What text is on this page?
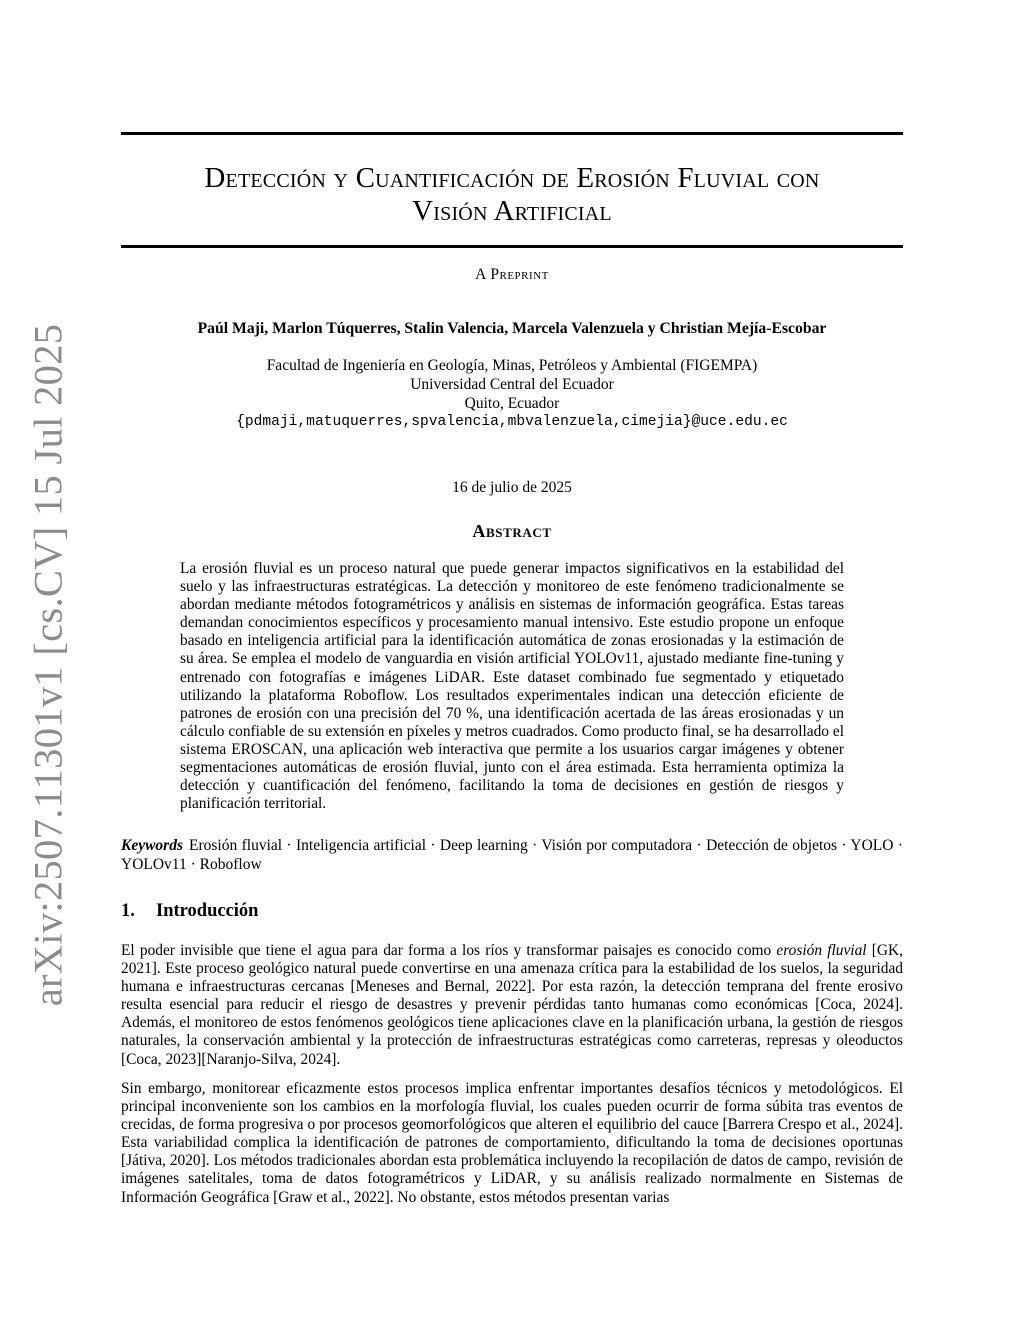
arXiv:2507.11301v1 [cs.CV] 15 Jul 2025
Detección y Cuantificación de Erosión Fluvial con
Visión Artificial
A Preprint
Paúl Maji, Marlon Túquerres, Stalin Valencia, Marcela Valenzuela y Christian Mejía-Escobar
Facultad de Ingeniería en Geología, Minas, Petróleos y Ambiental (FIGEMPA)
Universidad Central del Ecuador
Quito, Ecuador
{pdmaji,matuquerres,spvalencia,mbvalenzuela,cimejia}@uce.edu.ec
16 de julio de 2025
Abstract
La erosión fluvial es un proceso natural que puede generar impactos significativos en la estabilidad del suelo y las infraestructuras estratégicas. La detección y monitoreo de este fenómeno tradicionalmente se abordan mediante métodos fotogramétricos y análisis en sistemas de información geográfica. Estas tareas demandan conocimientos específicos y procesamiento manual intensivo. Este estudio propone un enfoque basado en inteligencia artificial para la identificación automática de zonas erosionadas y la estimación de su área. Se emplea el modelo de vanguardia en visión artificial YOLOv11, ajustado mediante fine-tuning y entrenado con fotografías e imágenes LiDAR. Este dataset combinado fue segmentado y etiquetado utilizando la plataforma Roboflow. Los resultados experimentales indican una detección eficiente de patrones de erosión con una precisión del 70 %, una identificación acertada de las áreas erosionadas y un cálculo confiable de su extensión en píxeles y metros cuadrados. Como producto final, se ha desarrollado el sistema EROSCAN, una aplicación web interactiva que permite a los usuarios cargar imágenes y obtener segmentaciones automáticas de erosión fluvial, junto con el área estimada. Esta herramienta optimiza la detección y cuantificación del fenómeno, facilitando la toma de decisiones en gestión de riesgos y planificación territorial.
Keywords Erosión fluvial · Inteligencia artificial · Deep learning · Visión por computadora · Detección de objetos · YOLO · YOLOv11 · Roboflow
1. Introducción
El poder invisible que tiene el agua para dar forma a los ríos y transformar paisajes es conocido como erosión fluvial [GK, 2021]. Este proceso geológico natural puede convertirse en una amenaza crítica para la estabilidad de los suelos, la seguridad humana e infraestructuras cercanas [Meneses and Bernal, 2022]. Por esta razón, la detección temprana del frente erosivo resulta esencial para reducir el riesgo de desastres y prevenir pérdidas tanto humanas como económicas [Coca, 2024]. Además, el monitoreo de estos fenómenos geológicos tiene aplicaciones clave en la planificación urbana, la gestión de riesgos naturales, la conservación ambiental y la protección de infraestructuras estratégicas como carreteras, represas y oleoductos [Coca, 2023][Naranjo-Silva, 2024].
Sin embargo, monitorear eficazmente estos procesos implica enfrentar importantes desafíos técnicos y metodológicos. El principal inconveniente son los cambios en la morfología fluvial, los cuales pueden ocurrir de forma súbita tras eventos de crecidas, de forma progresiva o por procesos geomorfológicos que alteren el equilibrio del cauce [Barrera Crespo et al., 2024]. Esta variabilidad complica la identificación de patrones de comportamiento, dificultando la toma de decisiones oportunas [Játiva, 2020]. Los métodos tradicionales abordan esta problemática incluyendo la recopilación de datos de campo, revisión de imágenes satelitales, toma de datos fotogramétricos y LiDAR, y su análisis realizado normalmente en Sistemas de Información Geográfica [Graw et al., 2022]. No obstante, estos métodos presentan varias
